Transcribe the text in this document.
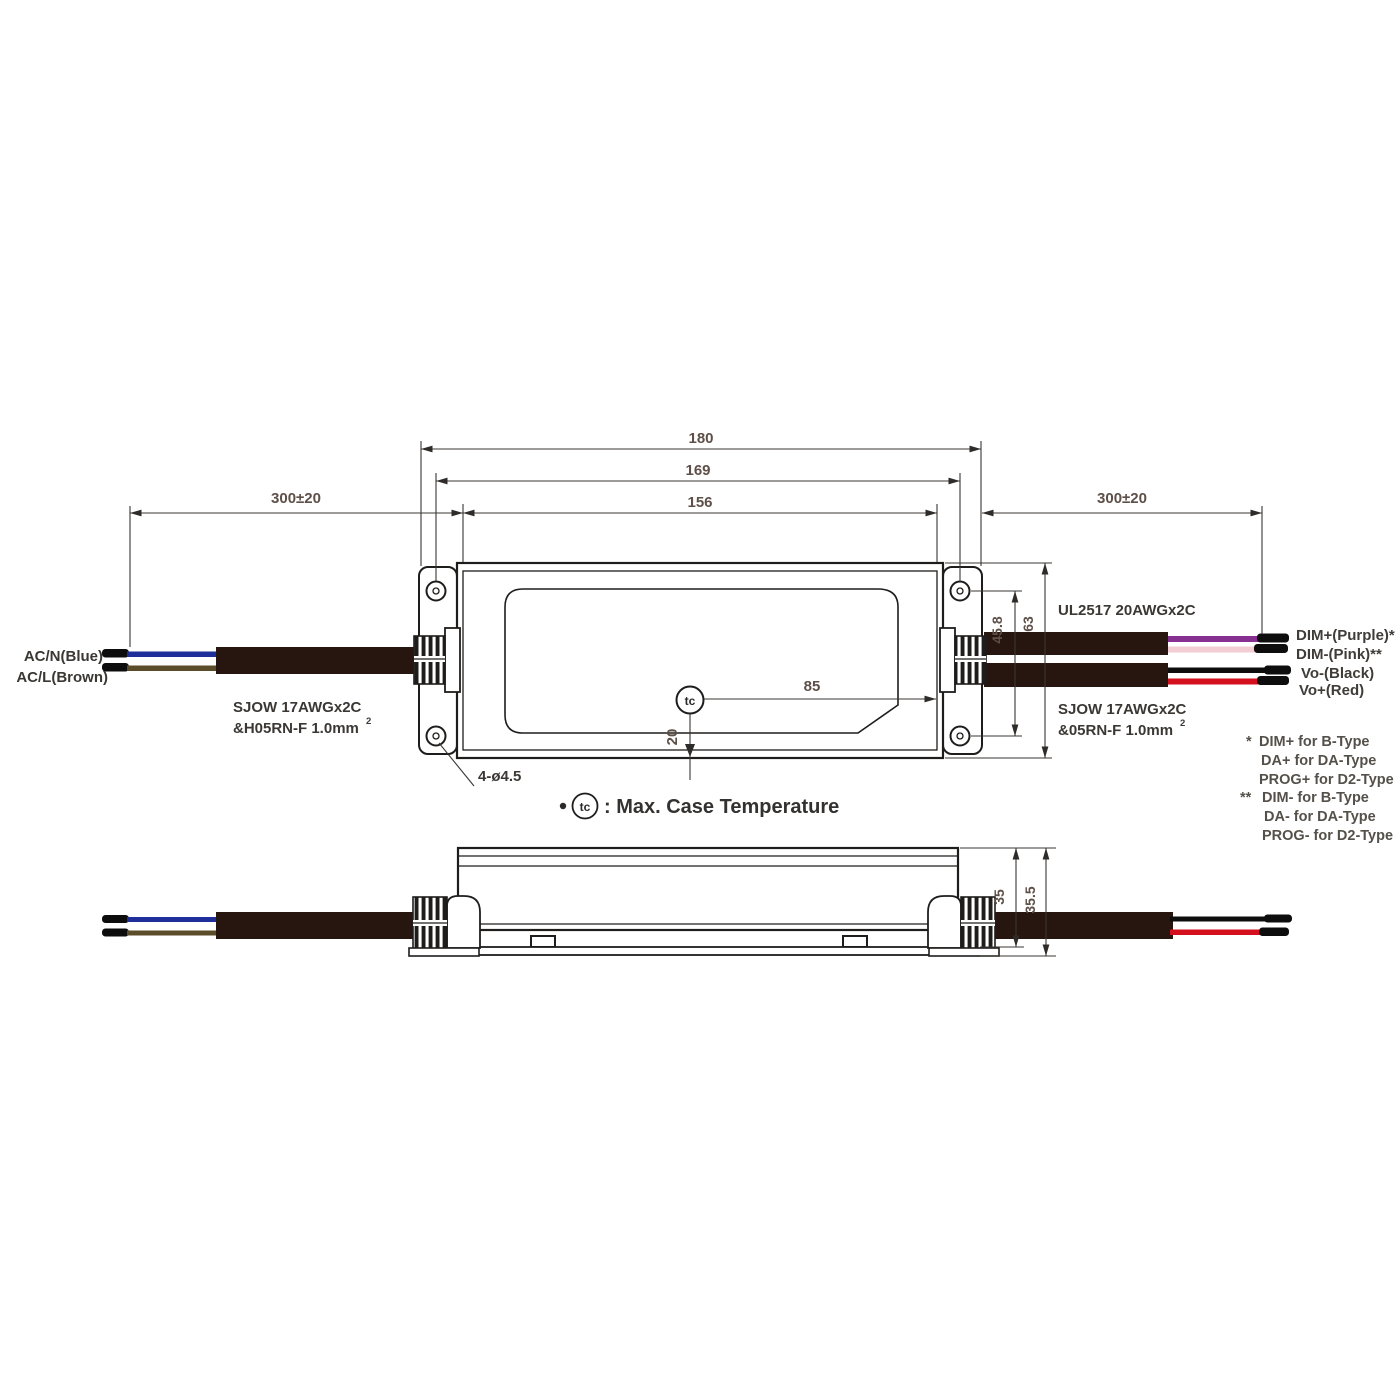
tc
85
20
4-ø4.5
180
169
156
300±20	300±20
45.8 63
35 35.5
AC/N(Blue)
AC/L(Brown)
SJOW 17AWGx2C
&H05RN-F 1.0mm 2
UL2517 20AWGx2C
SJOW 17AWGx2C
&05RN-F 1.0mm 2
DIM+(Purple)*
DIM-(Pink)**
Vo-(Black)
Vo+(Red)
tc : Max. Case Temperature
* DIM+ for B-Type
DA+ for DA-Type
PROG+ for D2-Type
** DIM- for B-Type
DA- for DA-Type
PROG- for D2-Type
